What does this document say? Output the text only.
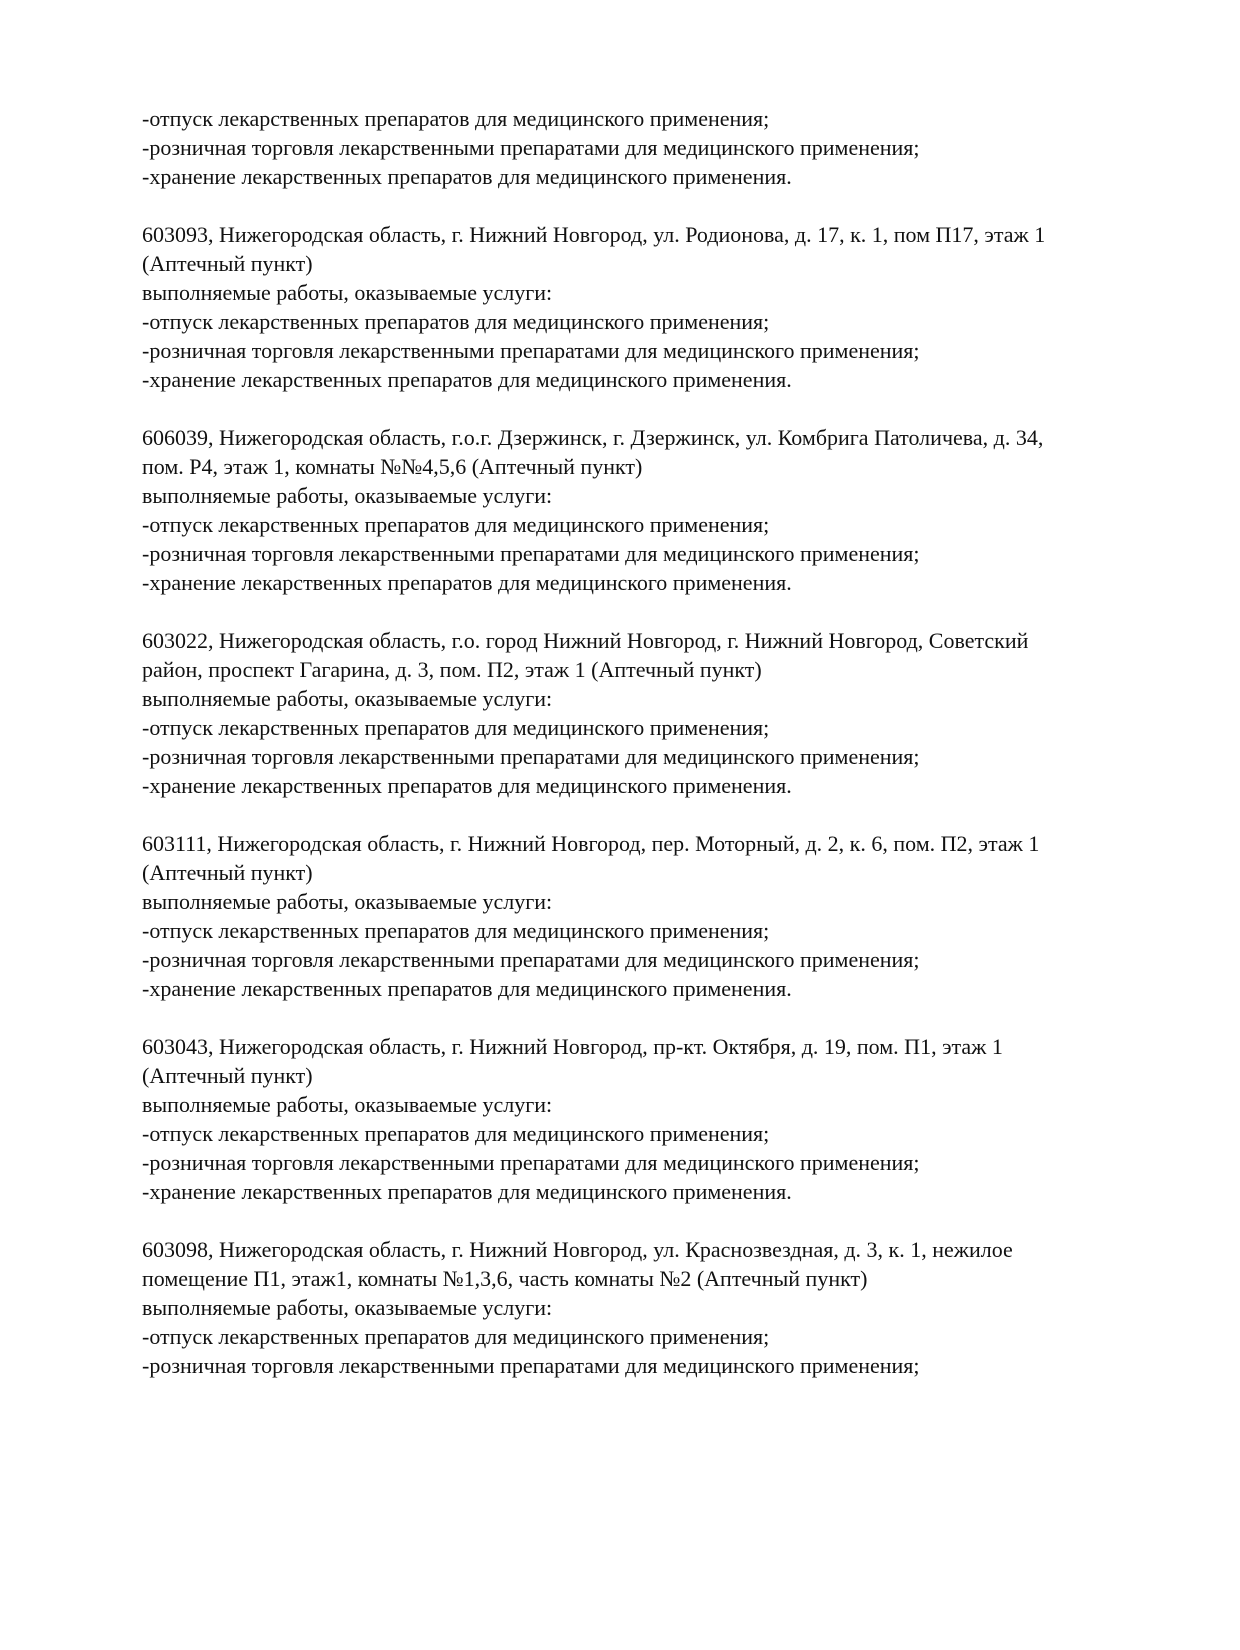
-отпуск лекарственных препаратов для медицинского применения;
-розничная торговля лекарственными препаратами для медицинского применения;
-хранение лекарственных препаратов для медицинского применения.
603093, Нижегородская область, г. Нижний Новгород, ул. Родионова, д. 17, к. 1, пом П17, этаж 1
(Аптечный пункт)
выполняемые работы, оказываемые услуги:
-отпуск лекарственных препаратов для медицинского применения;
-розничная торговля лекарственными препаратами для медицинского применения;
-хранение лекарственных препаратов для медицинского применения.
606039, Нижегородская область, г.о.г. Дзержинск, г. Дзержинск, ул. Комбрига Патоличева, д. 34,
пом. Р4, этаж 1, комнаты №№4,5,6 (Аптечный пункт)
выполняемые работы, оказываемые услуги:
-отпуск лекарственных препаратов для медицинского применения;
-розничная торговля лекарственными препаратами для медицинского применения;
-хранение лекарственных препаратов для медицинского применения.
603022, Нижегородская область, г.о. город Нижний Новгород, г. Нижний Новгород, Советский
район, проспект Гагарина, д. 3, пом. П2, этаж 1 (Аптечный пункт)
выполняемые работы, оказываемые услуги:
-отпуск лекарственных препаратов для медицинского применения;
-розничная торговля лекарственными препаратами для медицинского применения;
-хранение лекарственных препаратов для медицинского применения.
603111, Нижегородская область, г. Нижний Новгород, пер. Моторный, д. 2, к. 6, пом. П2, этаж 1
(Аптечный пункт)
выполняемые работы, оказываемые услуги:
-отпуск лекарственных препаратов для медицинского применения;
-розничная торговля лекарственными препаратами для медицинского применения;
-хранение лекарственных препаратов для медицинского применения.
603043, Нижегородская область, г. Нижний Новгород, пр-кт. Октября, д. 19, пом. П1, этаж 1
(Аптечный пункт)
выполняемые работы, оказываемые услуги:
-отпуск лекарственных препаратов для медицинского применения;
-розничная торговля лекарственными препаратами для медицинского применения;
-хранение лекарственных препаратов для медицинского применения.
603098, Нижегородская область, г. Нижний Новгород, ул. Краснозвездная, д. 3, к. 1, нежилое
помещение П1, этаж1, комнаты №1,3,6, часть комнаты №2 (Аптечный пункт)
выполняемые работы, оказываемые услуги:
-отпуск лекарственных препаратов для медицинского применения;
-розничная торговля лекарственными препаратами для медицинского применения;
